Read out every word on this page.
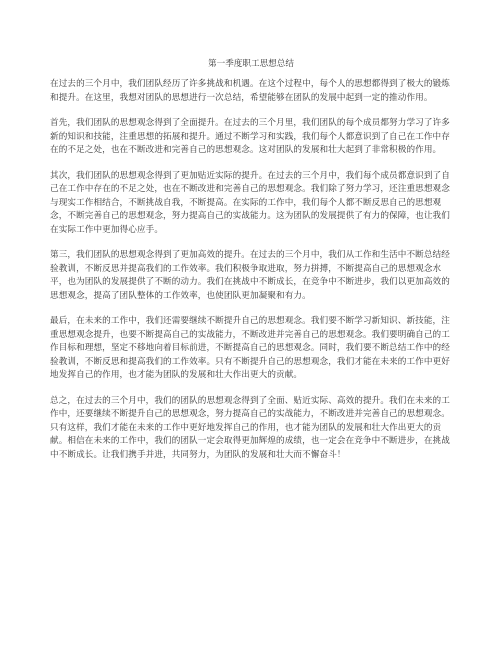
第一季度职工思想总结

在过去的三个月中，我们团队经历了许多挑战和机遇。在这个过程中，每个人的思想都得到了极大的锻炼和提升。在这里，我想对团队的思想进行一次总结，希望能够在团队的发展中起到一定的推动作用。

首先，我们团队的思想观念得到了全面提升。在过去的三个月里，我们团队的每个成员都努力学习了许多新的知识和技能，注重思想的拓展和提升。通过不断学习和实践，我们每个人都意识到了自己在工作中存在的不足之处，也在不断改进和完善自己的思想观念。这对团队的发展和壮大起到了非常积极的作用。

其次，我们团队的思想观念得到了更加贴近实际的提升。在过去的三个月中，我们每个成员都意识到了自己在工作中存在的不足之处，也在不断改进和完善自己的思想观念。我们除了努力学习，还注重思想观念与现实工作相结合，不断挑战自我，不断提高。在实际的工作中，我们每个人都不断反思自己的思想观念，不断完善自己的思想观念，努力提高自己的实战能力。这为团队的发展提供了有力的保障，也让我们在实际工作中更加得心应手。

第三，我们团队的思想观念得到了更加高效的提升。在过去的三个月中，我们从工作和生活中不断总结经验教训，不断反思并提高我们的工作效率。我们积极争取进取，努力拼搏，不断提高自己的思想观念水平，也为团队的发展提供了不断的动力。我们在挑战中不断成长，在竞争中不断进步，我们以更加高效的思想观念，提高了团队整体的工作效率，也使团队更加凝聚和有力。

最后，在未来的工作中，我们还需要继续不断提升自己的思想观念。我们要不断学习新知识、新技能，注重思想观念提升，也要不断提高自己的实战能力，不断改进并完善自己的思想观念。我们要明确自己的工作目标和理想，坚定不移地向着目标前进，不断提高自己的思想观念。同时，我们要不断总结工作中的经验教训，不断反思和提高我们的工作效率。只有不断提升自己的思想观念，我们才能在未来的工作中更好地发挥自己的作用，也才能为团队的发展和壮大作出更大的贡献。

总之，在过去的三个月中，我们的团队的思想观念得到了全面、贴近实际、高效的提升。我们在未来的工作中，还要继续不断提升自己的思想观念，努力提高自己的实战能力，不断改进并完善自己的思想观念。只有这样，我们才能在未来的工作中更好地发挥自己的作用，也才能为团队的发展和壮大作出更大的贡献。相信在未来的工作中，我们的团队一定会取得更加辉煌的成绩，也一定会在竞争中不断进步，在挑战中不断成长。让我们携手并进，共同努力，为团队的发展和壮大而不懈奋斗！
